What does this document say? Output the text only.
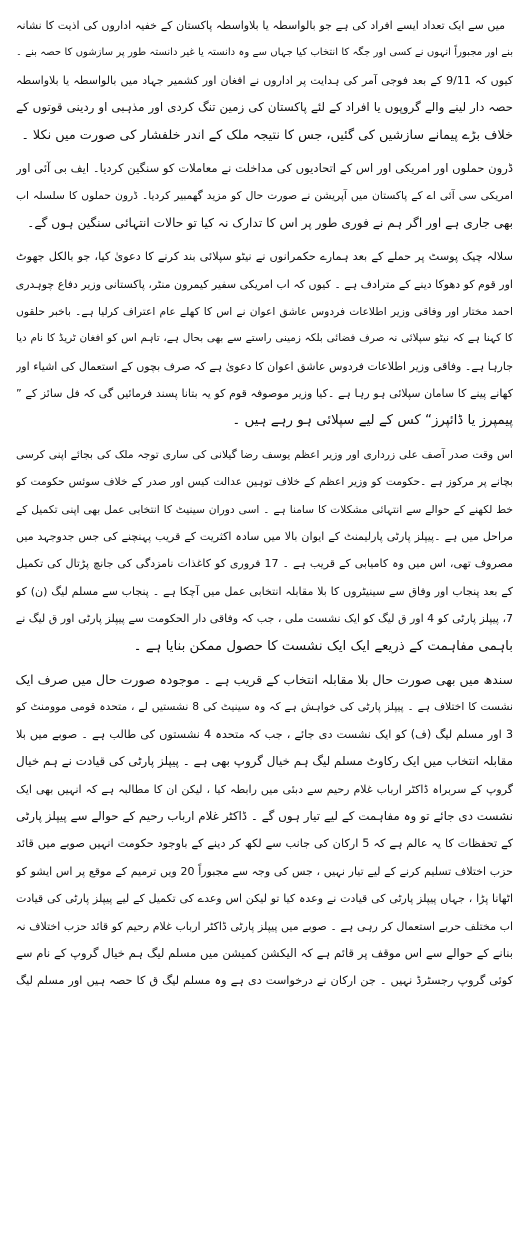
میں سے ایک تعداد ایسے افراد کی ہے جو بالواسطہ یا بلاواسطہ پاکستان کے خفیہ اداروں کی اذیت کا نشانہ
بنے اور مجبوراً انہوں نے کسی اور جگہ کا انتخاب کیا جہاں سے وہ دانستہ یا غیر دانستہ طور پر سازشوں کا حصہ بنے ۔
کیوں کہ 9/11 کے بعد فوجی آمر کی ہدایت پر اداروں نے افغان اور کشمیر جہاد میں بالواسطہ یا بلاواسطہ
حصہ دار لینے والے گروپوں یا افراد کے لئے پاکستان کی زمین تنگ کردی اور مذہبی او ردینی قوتوں کے
خلاف بڑے پیمانے سازشیں کی گئیں، جس کا نتیجہ ملک کے اندر خلفشار کی صورت میں نکلا ۔
ڈرون حملوں اور امریکی اور اس کے اتحادیوں کی مداخلت نے معاملات کو سنگین کردیا۔ ایف بی آئی اور
امریکی سی آئی اے کے پاکستان میں آپریشن نے صورت حال کو مزید گھمبیر کردیا۔ ڈرون حملوں کا سلسلہ اب
بھی جاری ہے اور اگر ہم نے فوری طور پر اس کا تدارک نہ کیا تو حالات انتہائی سنگین ہوں گے۔
سلالہ چیک پوسٹ پر حملے کے بعد ہمارے حکمرانوں نے نیٹو سپلائی بند کرنے کا دعویٰ کیا، جو بالکل جھوٹ
اور قوم کو دھوکا دینے کے مترادف ہے ۔ کیوں کہ اب امریکی سفیر کیمرون منٹر، پاکستانی وزیر دفاع چوہدری
احمد مختار اور وفاقی وزیر اطلاعات فردوس عاشق اعوان نے اس کا کھلے عام اعتراف کرلیا ہے۔ باخبر حلقوں
کا کہنا ہے کہ نیٹو سپلائی نہ صرف فضائی بلکہ زمینی راستے سے بھی بحال ہے، تاہم اس کو افغان ٹریڈ کا نام دیا
جارہا ہے۔ وفاقی وزیر اطلاعات فردوس عاشق اعوان کا دعویٰ ہے کہ صرف بچوں کے استعمال کی اشیاء اور
کھانے پینے کا سامان سپلائی ہو رہا ہے ۔کیا وزیر موصوفہ قوم کو یہ بتانا پسند فرمائیں گی کہ فل سائز کے ”
پیمپرز یا ڈائپرز“ کس کے لیے سپلائی ہو رہے ہیں ۔
اس وقت صدر آصف علی زرداری اور وزیر اعظم یوسف رضا گیلانی کی ساری توجہ ملک کی بجائے اپنی کرسی
بچانے پر مرکوز ہے ۔حکومت کو وزیر اعظم کے خلاف توہین عدالت کیس اور صدر کے خلاف سوئس حکومت کو
خط لکھنے کے حوالے سے انتہائی مشکلات کا سامنا ہے ۔ اسی دوران سینیٹ کا انتخابی عمل بھی اپنی تکمیل کے
مراحل میں ہے ۔پیپلز پارٹی پارلیمنٹ کے ایوان بالا میں سادہ اکثریت کے قریب پہنچنے کی جس جدوجہد میں
مصروف تھی، اس میں وہ کامیابی کے قریب ہے ۔ 17 فروری کو کاغذات نامزدگی کی جانچ پڑتال کی تکمیل
کے بعد پنجاب اور وفاق سے سینیٹروں کا بلا مقابلہ انتخابی عمل میں آچکا ہے ۔ پنجاب سے مسلم لیگ (ن) کو
7، پیپلز پارٹی کو 4 اور ق لیگ کو ایک نشست ملی ، جب کہ وفاقی دار الحکومت سے پیپلز پارٹی اور ق لیگ نے
باہمی مفاہمت کے ذریعے ایک ایک نشست کا حصول ممکن بنایا ہے ۔
سندھ میں بھی صورت حال بلا مقابلہ انتخاب کے قریب ہے ۔ موجودہ صورت حال میں صرف ایک
نشست کا اختلاف ہے ۔ پیپلز پارٹی کی خواہش ہے کہ وہ سینیٹ کی 8 نشستیں لے ، متحدہ قومی موومنٹ کو
3 اور مسلم لیگ (ف) کو ایک نشست دی جائے ، جب کہ متحدہ 4 نشستوں کی طالب ہے ۔ صوبے میں بلا
مقابلہ انتخاب میں ایک رکاوٹ مسلم لیگ ہم خیال گروپ بھی ہے ۔ پیپلز پارٹی کی قیادت نے ہم خیال
گروپ کے سربراہ ڈاکٹر ارباب غلام رحیم سے دبئی میں رابطہ کیا ، لیکن ان کا مطالبہ ہے کہ انہیں بھی ایک
نشست دی جائے تو وہ مفاہمت کے لیے تیار ہوں گے ۔ ڈاکٹر غلام ارباب رحیم کے حوالے سے پیپلز پارٹی
کے تحفظات کا یہ عالم ہے کہ 5 ارکان کی جانب سے لکھ کر دینے کے باوجود حکومت انہیں صوبے میں قائد
حزب اختلاف تسلیم کرنے کے لیے تیار نہیں ، جس کی وجہ سے مجبوراً 20 ویں ترمیم کے موقع پر اس ایشو کو
اٹھانا پڑا ، جہاں پیپلز پارٹی کی قیادت نے وعدہ کیا تو لیکن اس وعدے کی تکمیل کے لیے پیپلز پارٹی کی قیادت
اب مختلف حربے استعمال کر رہی ہے ۔ صوبے میں پیپلز پارٹی ڈاکٹر ارباب غلام رحیم کو قائد حزب اختلاف نہ
بنانے کے حوالے سے اس موقف پر قائم ہے کہ الیکشن کمیشن میں مسلم لیگ ہم خیال گروپ کے نام سے
کوئی گروپ رجسٹرڈ نہیں ۔ جن ارکان نے درخواست دی ہے وہ مسلم لیگ ق کا حصہ ہیں اور مسلم لیگ
